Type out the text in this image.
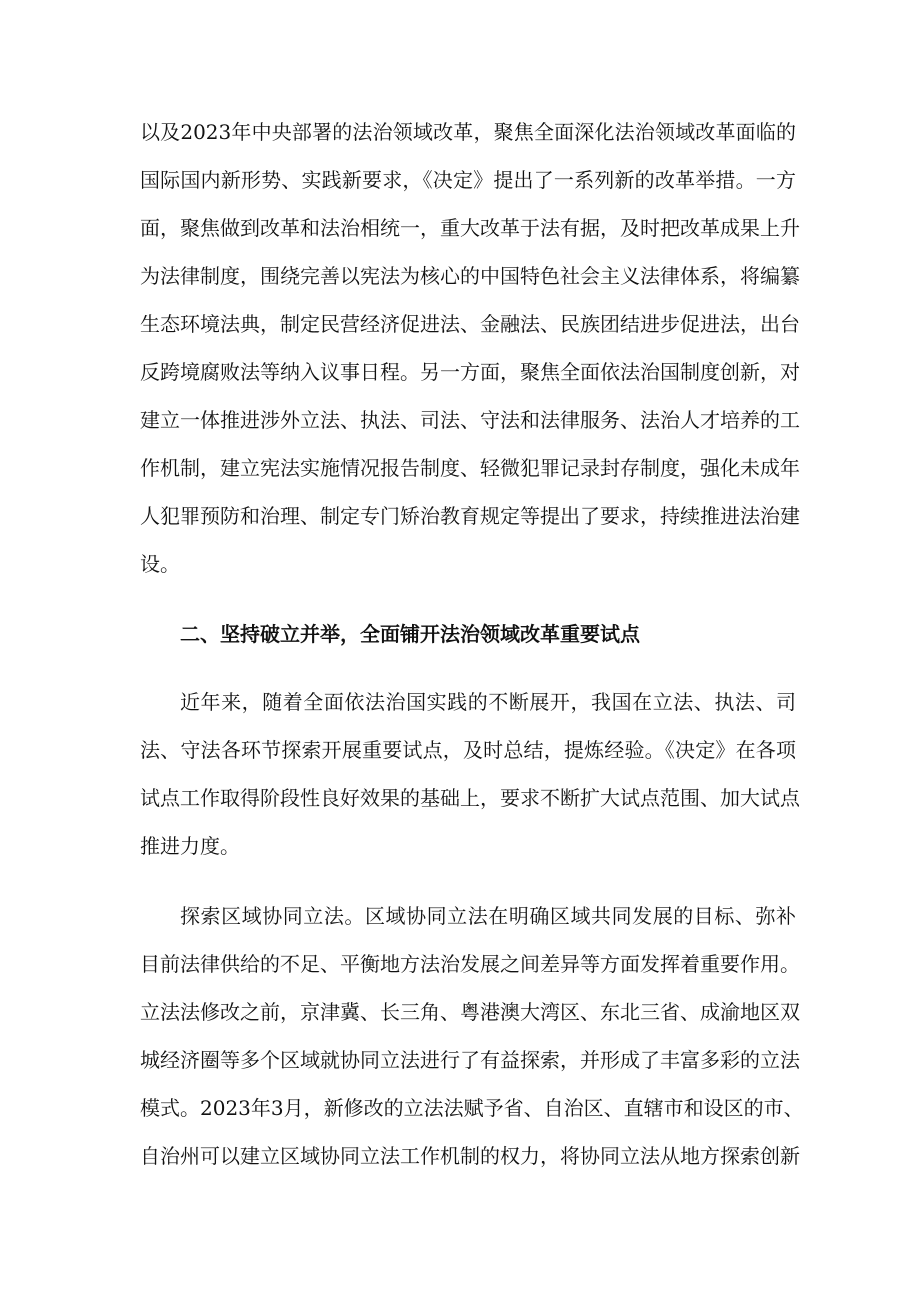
以及2023年中央部署的法治领域改革，聚焦全面深化法治领域改革面临的
国际国内新形势、实践新要求，《决定》提出了一系列新的改革举措。一方
面，聚焦做到改革和法治相统一，重大改革于法有据，及时把改革成果上升
为法律制度，围绕完善以宪法为核心的中国特色社会主义法律体系，将编纂
生态环境法典，制定民营经济促进法、金融法、民族团结进步促进法，出台
反跨境腐败法等纳入议事日程。另一方面，聚焦全面依法治国制度创新，对
建立一体推进涉外立法、执法、司法、守法和法律服务、法治人才培养的工
作机制，建立宪法实施情况报告制度、轻微犯罪记录封存制度，强化未成年
人犯罪预防和治理、制定专门矫治教育规定等提出了要求，持续推进法治建
设。
二、坚持破立并举，全面铺开法治领域改革重要试点
近年来，随着全面依法治国实践的不断展开，我国在立法、执法、司
法、守法各环节探索开展重要试点，及时总结，提炼经验。《决定》在各项
试点工作取得阶段性良好效果的基础上，要求不断扩大试点范围、加大试点
推进力度。
探索区域协同立法。区域协同立法在明确区域共同发展的目标、弥补
目前法律供给的不足、平衡地方法治发展之间差异等方面发挥着重要作用。
立法法修改之前，京津冀、长三角、粤港澳大湾区、东北三省、成渝地区双
城经济圈等多个区域就协同立法进行了有益探索，并形成了丰富多彩的立法
模式。2023年3月，新修改的立法法赋予省、自治区、直辖市和设区的市、
自治州可以建立区域协同立法工作机制的权力，将协同立法从地方探索创新
